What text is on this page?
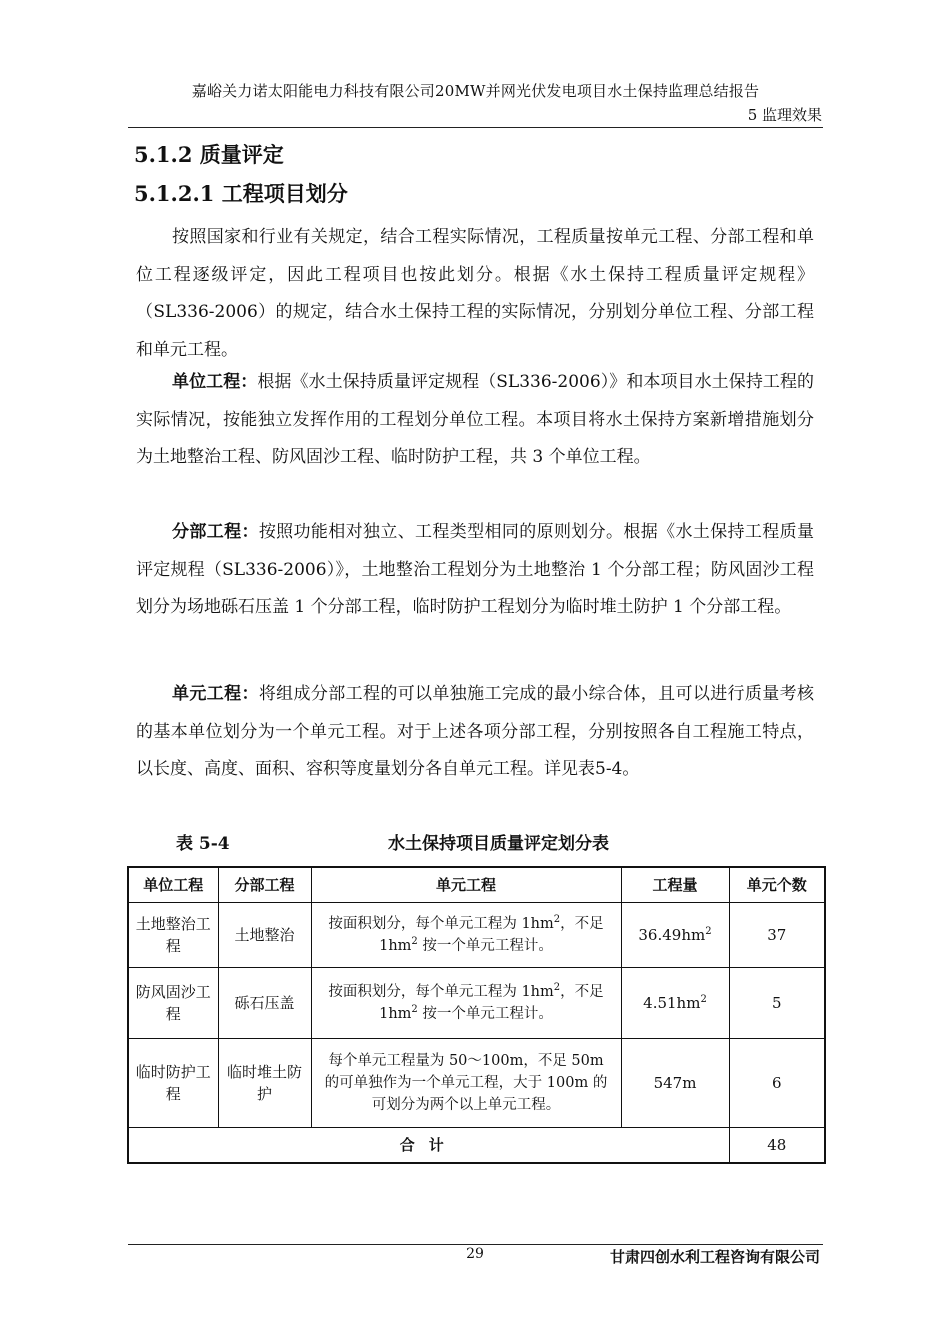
嘉峪关力诺太阳能电力科技有限公司20MW并网光伏发电项目水土保持监理总结报告
5 监理效果
5.1.2 质量评定
5.1.2.1 工程项目划分

按照国家和行业有关规定，结合工程实际情况，工程质量按单元工程、分部工程和单位工程逐级评定，因此工程项目也按此划分。根据《水土保持工程质量评定规程》（SL336-2006）的规定，结合水土保持工程的实际情况，分别划分单位工程、分部工程和单元工程。

单位工程：根据《水土保持质量评定规程（SL336-2006）》和本项目水土保持工程的实际情况，按能独立发挥作用的工程划分单位工程。本项目将水土保持方案新增措施划分为土地整治工程、防风固沙工程、临时防护工程，共 3 个单位工程。

分部工程：按照功能相对独立、工程类型相同的原则划分。根据《水土保持工程质量评定规程（SL336-2006）》，土地整治工程划分为土地整治 1 个分部工程；防风固沙工程划分为场地砾石压盖 1 个分部工程，临时防护工程划分为临时堆土防护 1 个分部工程。

单元工程：将组成分部工程的可以单独施工完成的最小综合体，且可以进行质量考核的基本单位划分为一个单元工程。对于上述各项分部工程，分别按照各自工程施工特点，以长度、高度、面积、容积等度量划分各自单元工程。详见表5-4。

表 5-4	水土保持项目质量评定划分表
单位工程	分部工程	单元工程	工程量	单元个数
土地整治工程	土地整治	按面积划分，每个单元工程为 $1hm^2$，不足 $1hm^2$ 按一个单元工程计。	$36.49hm^2$	37
防风固沙工程	砾石压盖	按面积划分，每个单元工程为 $1hm^2$，不足 $1hm^2$ 按一个单元工程计。	$4.51hm^2$	5
临时防护工程	临时堆土防护	每个单元工程量为 50～100m，不足 50m 的可单独作为一个单元工程，大于 100m 的可划分为两个以上单元工程。	547m	6
合计				48
29	甘肃四创水利工程咨询有限公司
